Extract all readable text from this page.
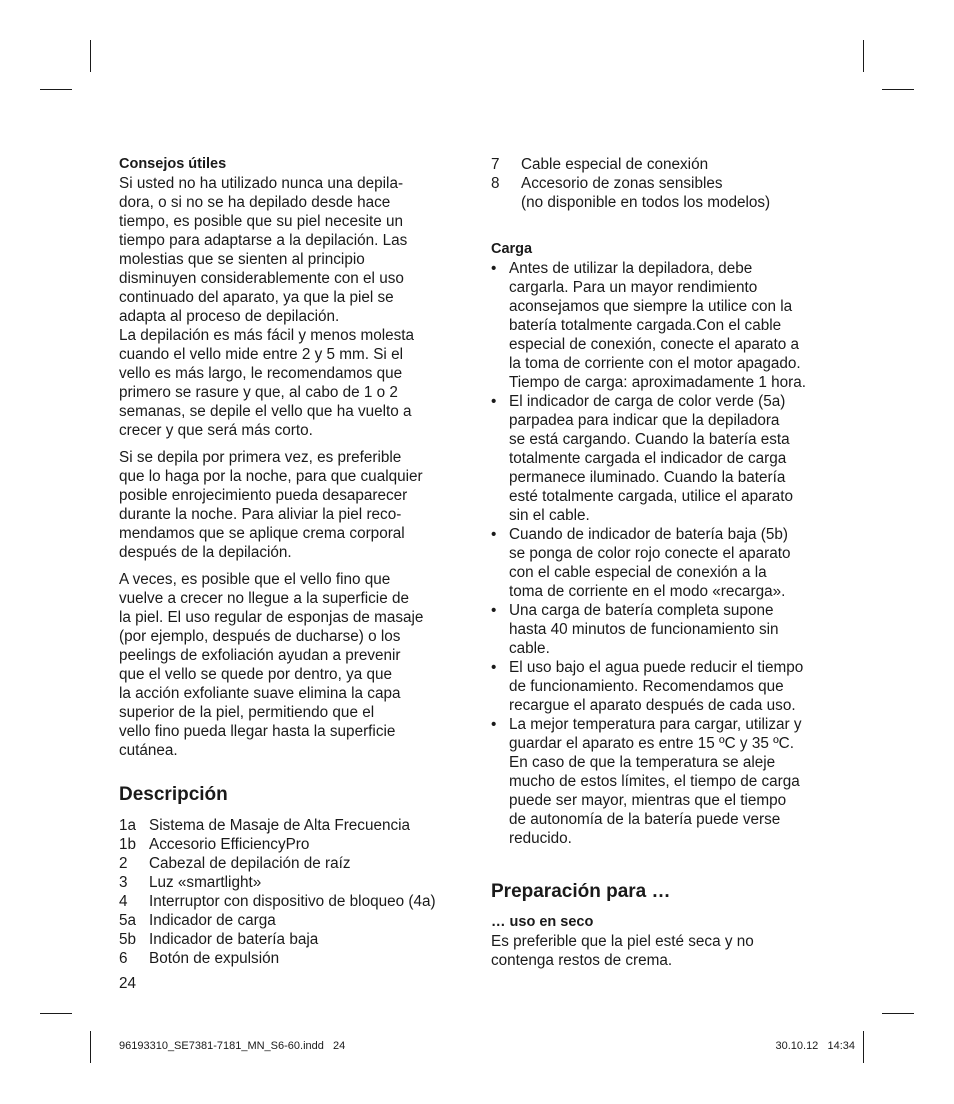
Consejos útiles
Si usted no ha utilizado nunca una depila-
dora, o si no se ha depilado desde hace
tiempo, es posible que su piel necesite un
tiempo para adaptarse a la depilación. Las
molestias que se sienten al principio
disminuyen considerablemente con el uso
continuado del aparato, ya que la piel se
adapta al proceso de depilación.
La depilación es más fácil y menos molesta
cuando el vello mide entre 2 y 5 mm. Si el
vello es más largo, le recomendamos que
primero se rasure y que, al cabo de 1 o 2
semanas, se depile el vello que ha vuelto a
crecer y que será más corto.
Si se depila por primera vez, es preferible
que lo haga por la noche, para que cualquier
posible enrojecimiento pueda desaparecer
durante la noche. Para aliviar la piel reco-
mendamos que se aplique crema corporal
después de la depilación.
A veces, es posible que el vello fino que
vuelve a crecer no llegue a la superficie de
la piel. El uso regular de esponjas de masaje
(por ejemplo, después de ducharse) o los
peelings de exfoliación ayudan a prevenir
que el vello se quede por dentro, ya que
la acción exfoliante suave elimina la capa
superior de la piel, permitiendo que el
vello fino pueda llegar hasta la superficie
cutánea.
Descripción
1a Sistema de Masaje de Alta Frecuencia
1b Accesorio EfficiencyPro
2	Cabezal de depilación de raíz
3	Luz «smartlight»
4	Interruptor con dispositivo de bloqueo (4a)
5a Indicador de carga
5b Indicador de batería baja
6	Botón de expulsión
7	Cable especial de conexión
8	Accesorio de zonas sensibles
(no disponible en todos los modelos)
Carga
• Antes de utilizar la depiladora, debe
cargarla. Para un mayor rendimiento
aconsejamos que siempre la utilice con la
batería totalmente cargada.Con el cable
especial de conexión, conecte el aparato a
la toma de corriente con el motor apagado.
Tiempo de carga: aproximadamente 1 hora.
• El indicador de carga de color verde (5a)
parpadea para indicar que la depiladora
se está cargando. Cuando la batería esta
totalmente cargada el indicador de carga
permanece iluminado. Cuando la batería
esté totalmente cargada, utilice el aparato
sin el cable.
• Cuando de indicador de batería baja (5b)
se ponga de color rojo conecte el aparato
con el cable especial de conexión a la
toma de corriente en el modo «recarga».
• Una carga de batería completa supone
hasta 40 minutos de funcionamiento sin
cable.
• El uso bajo el agua puede reducir el tiempo
de funcionamiento. Recomendamos que
recargue el aparato después de cada uso.
• La mejor temperatura para cargar, utilizar y
guardar el aparato es entre 15 ºC y 35 ºC.
En caso de que la temperatura se aleje
mucho de estos límites, el tiempo de carga
puede ser mayor, mientras que el tiempo
de autonomía de la batería puede verse
reducido.
Preparación para …
… uso en seco
Es preferible que la piel esté seca y no
contenga restos de crema.
24
96193310_SE7381-7181_MN_S6-60.indd   24	30.10.12   14:34
